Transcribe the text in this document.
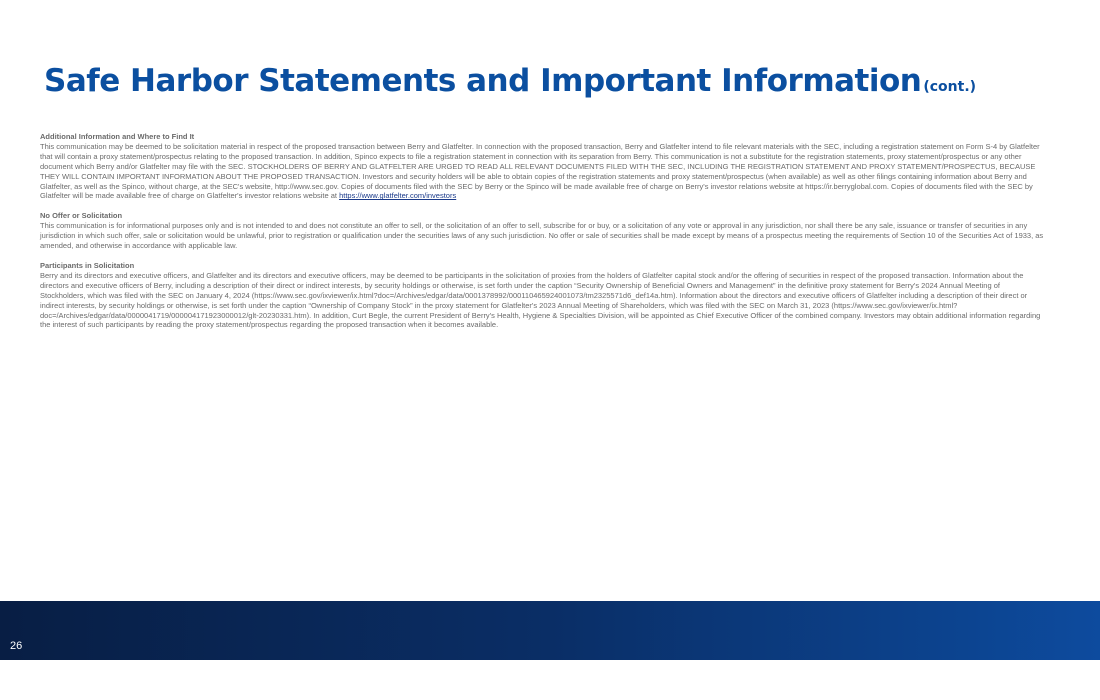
Safe Harbor Statements and Important Information (cont.)

Additional Information and Where to Find It

This communication may be deemed to be solicitation material in respect of the proposed transaction between Berry and Glatfelter. In connection with the proposed transaction, Berry and Glatfelter intend to file relevant materials with the SEC, including a registration statement on Form S-4 by Glatfelter that will contain a proxy statement/prospectus relating to the proposed transaction. In addition, Spinco expects to file a registration statement in connection with its separation from Berry. This communication is not a substitute for the registration statements, proxy statement/prospectus or any other document which Berry and/or Glatfelter may file with the SEC. STOCKHOLDERS OF BERRY AND GLATFELTER ARE URGED TO READ ALL RELEVANT DOCUMENTS FILED WITH THE SEC, INCLUDING THE REGISTRATION STATEMENT AND PROXY STATEMENT/PROSPECTUS, BECAUSE THEY WILL CONTAIN IMPORTANT INFORMATION ABOUT THE PROPOSED TRANSACTION. Investors and security holders will be able to obtain copies of the registration statements and proxy statement/prospectus (when available) as well as other filings containing information about Berry and Glatfelter, as well as the Spinco, without charge, at the SEC's website, http://www.sec.gov. Copies of documents filed with the SEC by Berry or the Spinco will be made available free of charge on Berry's investor relations website at https://ir.berryglobal.com. Copies of documents filed with the SEC by Glatfelter will be made available free of charge on Glatfelter's investor relations website at https://www.glatfelter.com/investors

No Offer or Solicitation

This communication is for informational purposes only and is not intended to and does not constitute an offer to sell, or the solicitation of an offer to sell, subscribe for or buy, or a solicitation of any vote or approval in any jurisdiction, nor shall there be any sale, issuance or transfer of securities in any jurisdiction in which such offer, sale or solicitation would be unlawful, prior to registration or qualification under the securities laws of any such jurisdiction. No offer or sale of securities shall be made except by means of a prospectus meeting the requirements of Section 10 of the Securities Act of 1933, as amended, and otherwise in accordance with applicable law.

Participants in Solicitation

Berry and its directors and executive officers, and Glatfelter and its directors and executive officers, may be deemed to be participants in the solicitation of proxies from the holders of Glatfelter capital stock and/or the offering of securities in respect of the proposed transaction. Information about the directors and executive officers of Berry, including a description of their direct or indirect interests, by security holdings or otherwise, is set forth under the caption “Security Ownership of Beneficial Owners and Management” in the definitive proxy statement for Berry's 2024 Annual Meeting of Stockholders, which was filed with the SEC on January 4, 2024 (https://www.sec.gov/ixviewer/ix.html?doc=/Archives/edgar/data/0001378992/000110465924001073/tm2325571d6_def14a.htm). Information about the directors and executive officers of Glatfelter including a description of their direct or indirect interests, by security holdings or otherwise, is set forth under the caption “Ownership of Company Stock” in the proxy statement for Glatfelter's 2023 Annual Meeting of Shareholders, which was filed with the SEC on March 31, 2023 (https://www.sec.gov/ixviewer/ix.html?doc=/Archives/edgar/data/0000041719/000004171923000012/glt-20230331.htm). In addition, Curt Begle, the current President of Berry's Health, Hygiene & Specialties Division, will be appointed as Chief Executive Officer of the combined company. Investors may obtain additional information regarding the interest of such participants by reading the proxy statement/prospectus regarding the proposed transaction when it becomes available.

26
